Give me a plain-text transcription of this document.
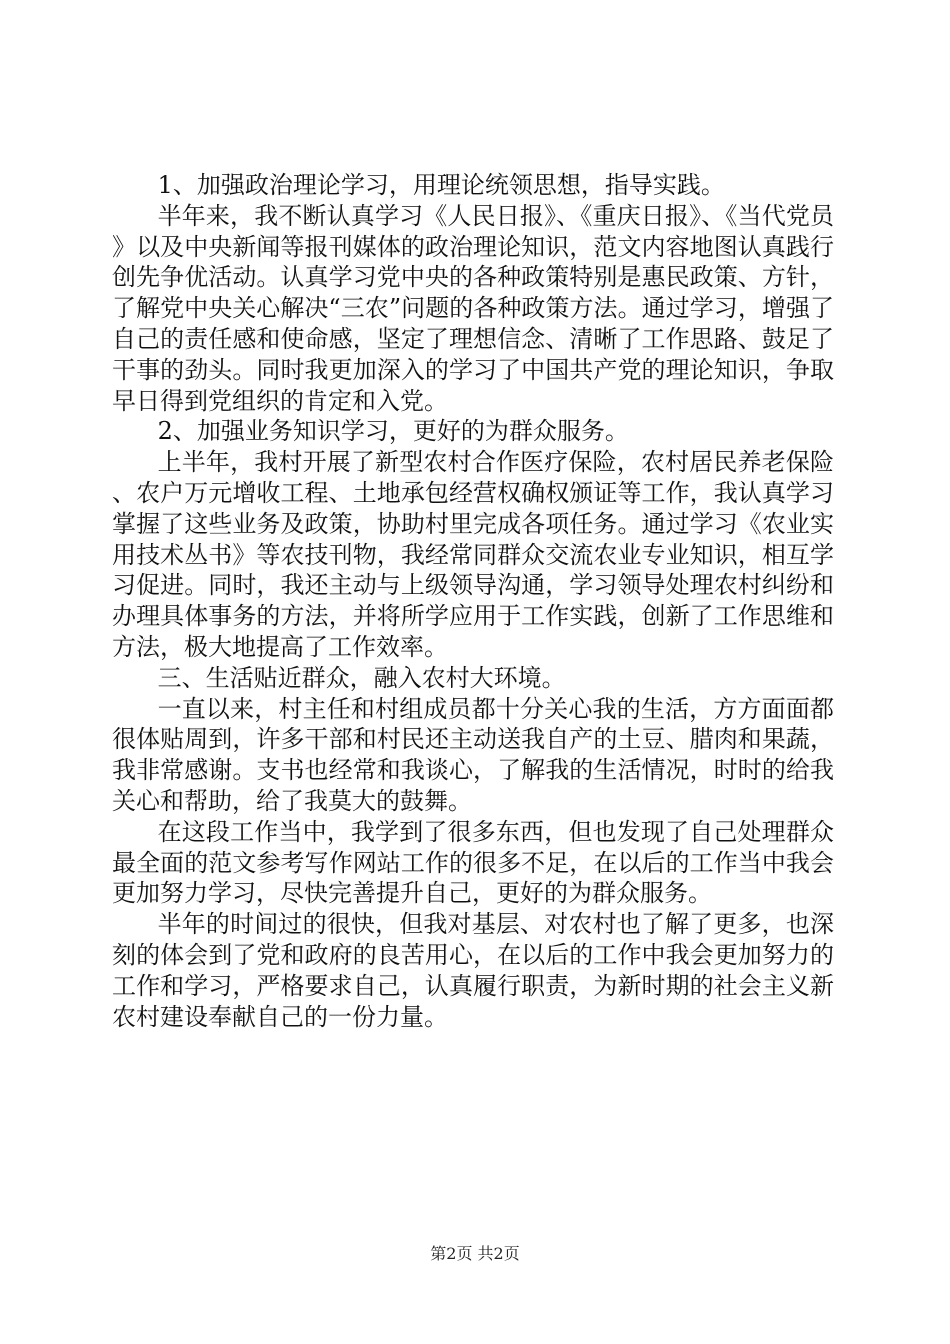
1、加强政治理论学习，用理论统领思想，指导实践。

半年来，我不断认真学习《人民日报》、《重庆日报》、《当代党员》以及中央新闻等报刊媒体的政治理论知识，范文内容地图认真践行创先争优活动。认真学习党中央的各种政策特别是惠民政策、方针，了解党中央关心解决“三农”问题的各种政策方法。通过学习，增强了自己的责任感和使命感，坚定了理想信念、清晰了工作思路、鼓足了干事的劲头。同时我更加深入的学习了中国共产党的理论知识，争取早日得到党组织的肯定和入党。

2、加强业务知识学习，更好的为群众服务。

上半年，我村开展了新型农村合作医疗保险，农村居民养老保险、农户万元增收工程、土地承包经营权确权颁证等工作，我认真学习掌握了这些业务及政策，协助村里完成各项任务。通过学习《农业实用技术丛书》等农技刊物，我经常同群众交流农业专业知识，相互学习促进。同时，我还主动与上级领导沟通，学习领导处理农村纠纷和办理具体事务的方法，并将所学应用于工作实践，创新了工作思维和方法，极大地提高了工作效率。

三、生活贴近群众，融入农村大环境。

一直以来，村主任和村组成员都十分关心我的生活，方方面面都很体贴周到，许多干部和村民还主动送我自产的土豆、腊肉和果蔬，我非常感谢。支书也经常和我谈心，了解我的生活情况，时时的给我关心和帮助，给了我莫大的鼓舞。

在这段工作当中，我学到了很多东西，但也发现了自己处理群众最全面的范文参考写作网站工作的很多不足，在以后的工作当中我会更加努力学习，尽快完善提升自己，更好的为群众服务。

半年的时间过的很快，但我对基层、对农村也了解了更多，也深刻的体会到了党和政府的良苦用心，在以后的工作中我会更加努力的工作和学习，严格要求自己，认真履行职责，为新时期的社会主义新农村建设奉献自己的一份力量。

第2页 共2页
